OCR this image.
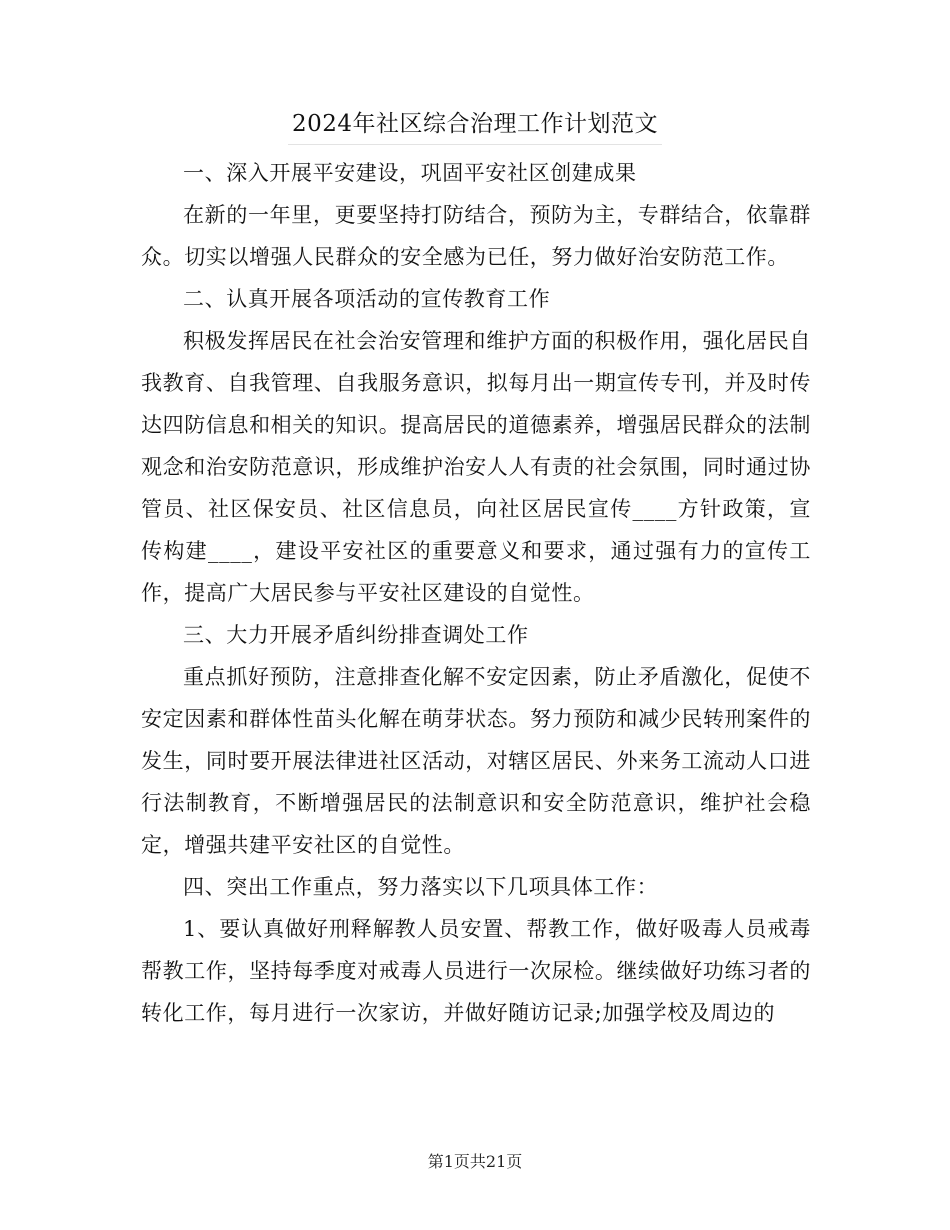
2024年社区综合治理工作计划范文

一、深入开展平安建设，巩固平安社区创建成果

在新的一年里，更要坚持打防结合，预防为主，专群结合，依靠群众。切实以增强人民群众的安全感为已任，努力做好治安防范工作。

二、认真开展各项活动的宣传教育工作

积极发挥居民在社会治安管理和维护方面的积极作用，强化居民自我教育、自我管理、自我服务意识，拟每月出一期宣传专刊，并及时传达四防信息和相关的知识。提高居民的道德素养，增强居民群众的法制观念和治安防范意识，形成维护治安人人有责的社会氛围，同时通过协管员、社区保安员、社区信息员，向社区居民宣传____方针政策，宣传构建____，建设平安社区的重要意义和要求，通过强有力的宣传工作，提高广大居民参与平安社区建设的自觉性。

三、大力开展矛盾纠纷排查调处工作

重点抓好预防，注意排查化解不安定因素，防止矛盾激化，促使不安定因素和群体性苗头化解在萌芽状态。努力预防和减少民转刑案件的发生，同时要开展法律进社区活动，对辖区居民、外来务工流动人口进行法制教育，不断增强居民的法制意识和安全防范意识，维护社会稳定，增强共建平安社区的自觉性。

四、突出工作重点，努力落实以下几项具体工作：

1、要认真做好刑释解教人员安置、帮教工作，做好吸毒人员戒毒帮教工作，坚持每季度对戒毒人员进行一次尿检。继续做好功练习者的转化工作，每月进行一次家访，并做好随访记录;加强学校及周边的

第1页共21页
